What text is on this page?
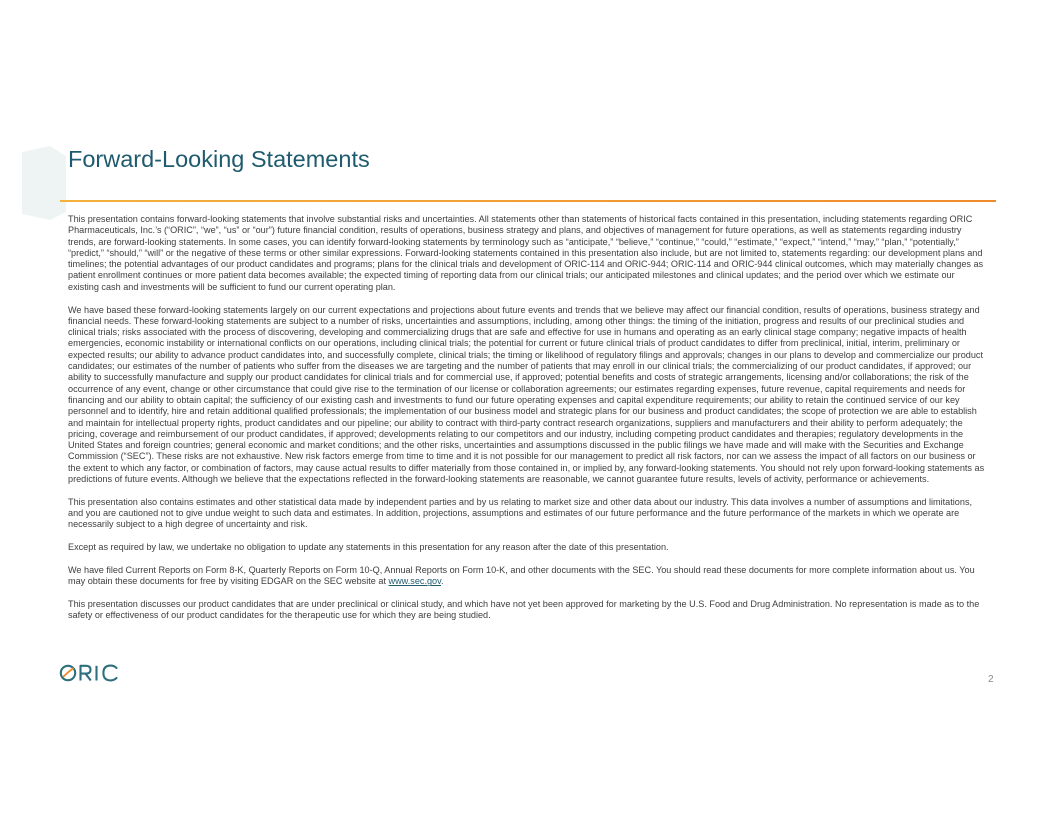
Forward-Looking Statements

This presentation contains forward-looking statements that involve substantial risks and uncertainties. All statements other than statements of historical facts contained in this presentation, including statements regarding ORIC Pharmaceuticals, Inc.’s (“ORIC”, “we”, “us” or “our”) future financial condition, results of operations, business strategy and plans, and objectives of management for future operations, as well as statements regarding industry trends, are forward-looking statements. In some cases, you can identify forward-looking statements by terminology such as “anticipate,” “believe,” “continue,” “could,” “estimate,” “expect,” “intend,” “may,” “plan,” “potentially,” “predict,” “should,” “will” or the negative of these terms or other similar expressions. Forward-looking statements contained in this presentation also include, but are not limited to, statements regarding: our development plans and timelines; the potential advantages of our product candidates and programs; plans for the clinical trials and development of ORIC-114 and ORIC-944; ORIC-114 and ORIC-944 clinical outcomes, which may materially changes as patient enrollment continues or more patient data becomes available; the expected timing of reporting data from our clinical trials; our anticipated milestones and clinical updates; and the period over which we estimate our existing cash and investments will be sufficient to fund our current operating plan.

We have based these forward-looking statements largely on our current expectations and projections about future events and trends that we believe may affect our financial condition, results of operations, business strategy and financial needs. These forward-looking statements are subject to a number of risks, uncertainties and assumptions, including, among other things: the timing of the initiation, progress and results of our preclinical studies and clinical trials; risks associated with the process of discovering, developing and commercializing drugs that are safe and effective for use in humans and operating as an early clinical stage company; negative impacts of health emergencies, economic instability or international conflicts on our operations, including clinical trials; the potential for current or future clinical trials of product candidates to differ from preclinical, initial, interim, preliminary or expected results; our ability to advance product candidates into, and successfully complete, clinical trials; the timing or likelihood of regulatory filings and approvals; changes in our plans to develop and commercialize our product candidates; our estimates of the number of patients who suffer from the diseases we are targeting and the number of patients that may enroll in our clinical trials; the commercializing of our product candidates, if approved; our ability to successfully manufacture and supply our product candidates for clinical trials and for commercial use, if approved; potential benefits and costs of strategic arrangements, licensing and/or collaborations; the risk of the occurrence of any event, change or other circumstance that could give rise to the termination of our license or collaboration agreements; our estimates regarding expenses, future revenue, capital requirements and needs for financing and our ability to obtain capital; the sufficiency of our existing cash and investments to fund our future operating expenses and capital expenditure requirements; our ability to retain the continued service of our key personnel and to identify, hire and retain additional qualified professionals; the implementation of our business model and strategic plans for our business and product candidates; the scope of protection we are able to establish and maintain for intellectual property rights, product candidates and our pipeline; our ability to contract with third-party contract research organizations, suppliers and manufacturers and their ability to perform adequately; the pricing, coverage and reimbursement of our product candidates, if approved; developments relating to our competitors and our industry, including competing product candidates and therapies; regulatory developments in the United States and foreign countries; general economic and market conditions; and the other risks, uncertainties and assumptions discussed in the public filings we have made and will make with the Securities and Exchange Commission (“SEC”). These risks are not exhaustive. New risk factors emerge from time to time and it is not possible for our management to predict all risk factors, nor can we assess the impact of all factors on our business or the extent to which any factor, or combination of factors, may cause actual results to differ materially from those contained in, or implied by, any forward-looking statements. You should not rely upon forward-looking statements as predictions of future events. Although we believe that the expectations reflected in the forward-looking statements are reasonable, we cannot guarantee future results, levels of activity, performance or achievements.

This presentation also contains estimates and other statistical data made by independent parties and by us relating to market size and other data about our industry. This data involves a number of assumptions and limitations, and you are cautioned not to give undue weight to such data and estimates. In addition, projections, assumptions and estimates of our future performance and the future performance of the markets in which we operate are necessarily subject to a high degree of uncertainty and risk.

Except as required by law, we undertake no obligation to update any statements in this presentation for any reason after the date of this presentation.

We have filed Current Reports on Form 8-K, Quarterly Reports on Form 10-Q, Annual Reports on Form 10-K, and other documents with the SEC. You should read these documents for more complete information about us. You may obtain these documents for free by visiting EDGAR on the SEC website at www.sec.gov.

This presentation discusses our product candidates that are under preclinical or clinical study, and which have not yet been approved for marketing by the U.S. Food and Drug Administration. No representation is made as to the safety or effectiveness of our product candidates for the therapeutic use for which they are being studied.

2
